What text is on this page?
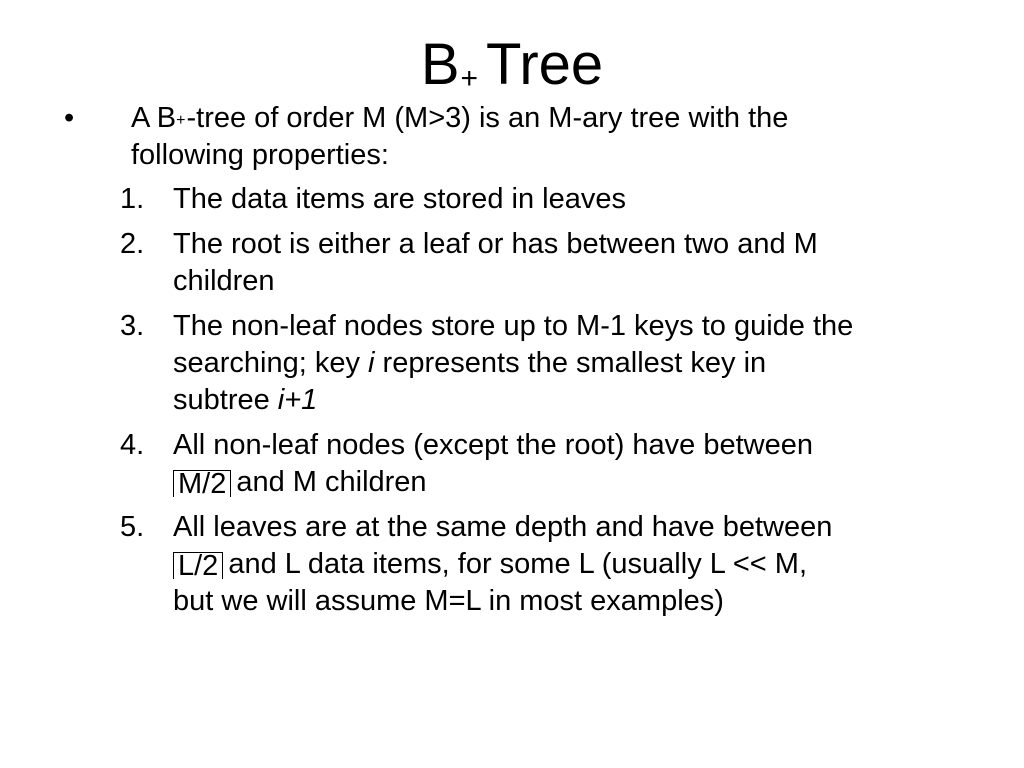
B+ Tree
• A B+-tree of order M (M>3) is an M-ary tree with the
following properties:
1. The data items are stored in leaves
2. The root is either a leaf or has between two and M
children
3. The non-leaf nodes store up to M-1 keys to guide the
searching; key i represents the smallest key in
subtree i+1
4. All non-leaf nodes (except the root) have between
M/2 and M children
5. All leaves are at the same depth and have between
L/2 and L data items, for some L (usually L << M,
but we will assume M=L in most examples)
